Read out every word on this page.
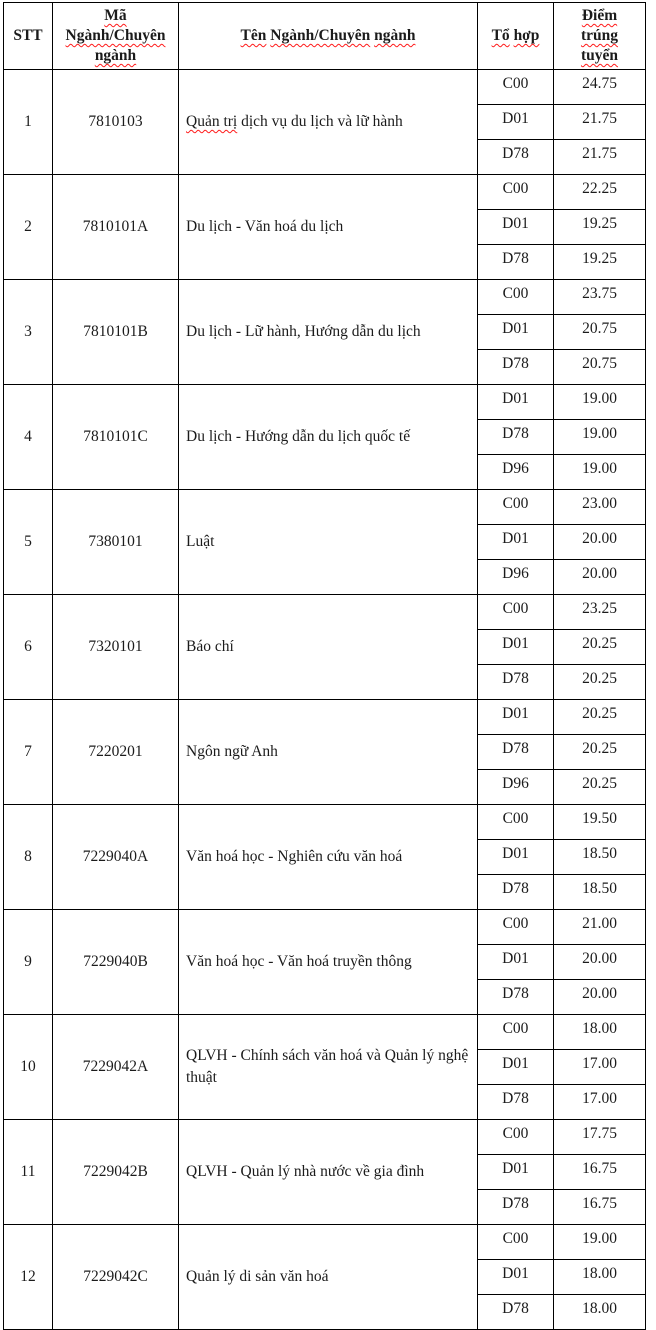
STT	Mã Ngành/Chuyên ngành	Tên Ngành/Chuyên ngành	Tổ hợp	Điểm trúng tuyển
1	7810103	Quản trị dịch vụ du lịch và lữ hành	C00	24.75
			D01	21.75
			D78	21.75
2	7810101A	Du lịch - Văn hoá du lịch	C00	22.25
			D01	19.25
			D78	19.25
3	7810101B	Du lịch - Lữ hành, Hướng dẫn du lịch	C00	23.75
			D01	20.75
			D78	20.75
4	7810101C	Du lịch - Hướng dẫn du lịch quốc tế	D01	19.00
			D78	19.00
			D96	19.00
5	7380101	Luật	C00	23.00
			D01	20.00
			D96	20.00
6	7320101	Báo chí	C00	23.25
			D01	20.25
			D78	20.25
7	7220201	Ngôn ngữ Anh	D01	20.25
			D78	20.25
			D96	20.25
8	7229040A	Văn hoá học - Nghiên cứu văn hoá	C00	19.50
			D01	18.50
			D78	18.50
9	7229040B	Văn hoá học - Văn hoá truyền thông	C00	21.00
			D01	20.00
			D78	20.00
10	7229042A	QLVH - Chính sách văn hoá và Quản lý nghệ thuật	C00	18.00
			D01	17.00
			D78	17.00
11	7229042B	QLVH - Quản lý nhà nước về gia đình	C00	17.75
			D01	16.75
			D78	16.75
12	7229042C	Quản lý di sản văn hoá	C00	19.00
			D01	18.00
			D78	18.00
